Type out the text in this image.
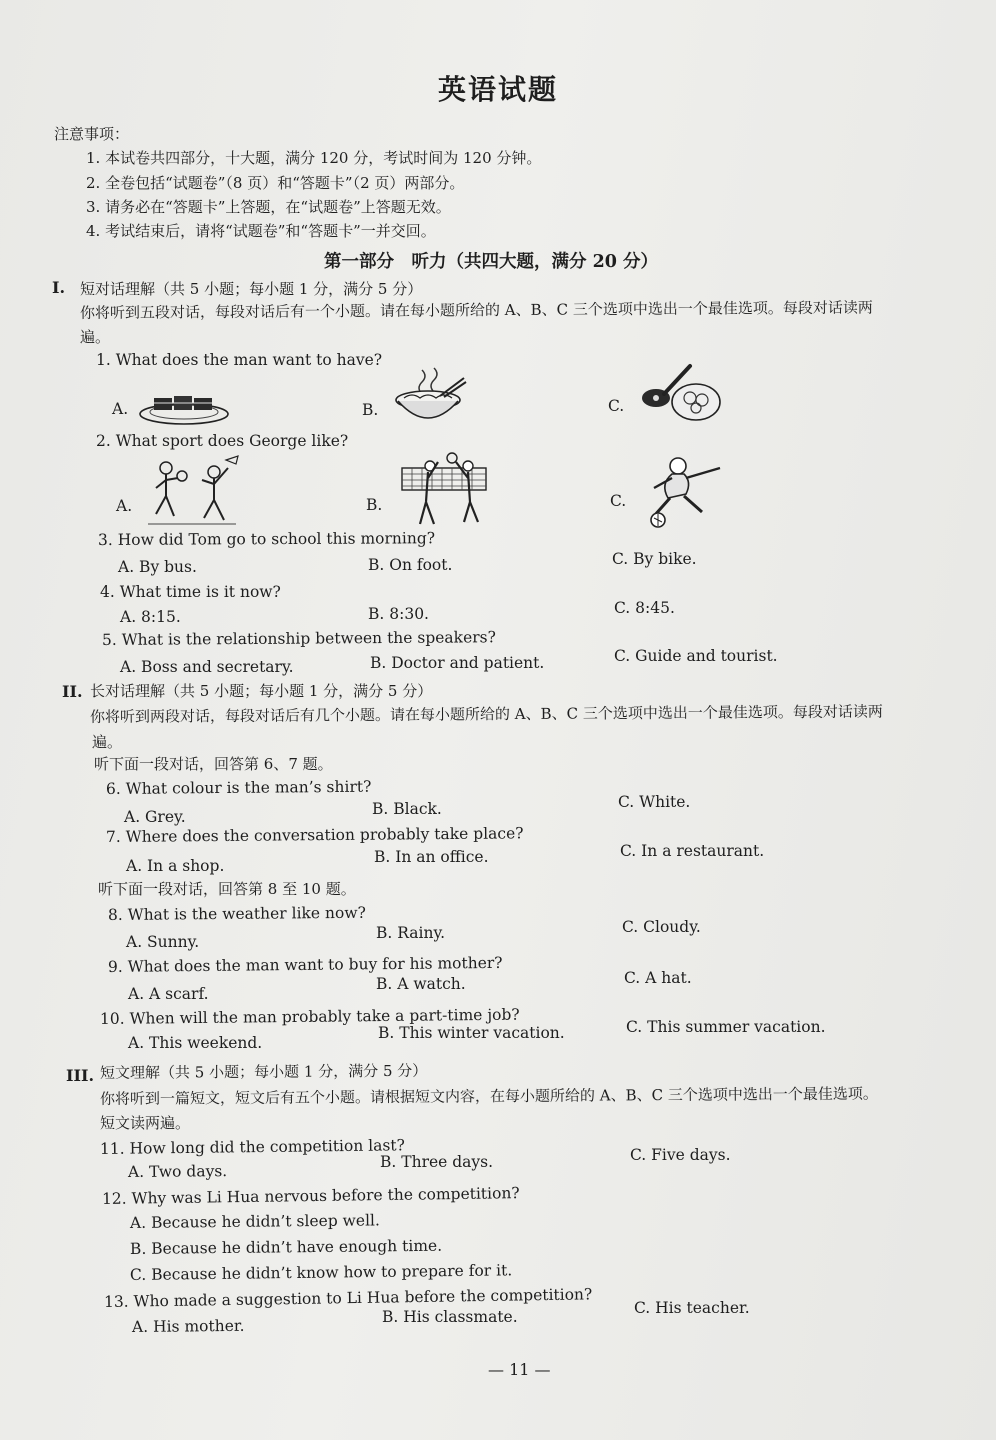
英语试题
注意事项：
1. 本试卷共四部分，十大题，满分 120 分，考试时间为 120 分钟。
2. 全卷包括“试题卷”（8 页）和“答题卡”（2 页）两部分。
3. 请务必在“答题卡”上答题，在“试题卷”上答题无效。
4. 考试结束后，请将“试题卷”和“答题卡”一并交回。
第一部分　听力（共四大题，满分 20 分）
I. 短对话理解（共 5 小题；每小题 1 分，满分 5 分）
你将听到五段对话，每段对话后有一个小题。请在每小题所给的 A、B、C 三个选项中选出一个最佳选项。每段对话读两
遍。
1. What does the man want to have?
A.	B.	C.
2. What sport does George like?
A.	B.	C.
3. How did Tom go to school this morning?
A. By bus.	B. On foot.	C. By bike.
4. What time is it now?
A. 8:15.	B. 8:30.	C. 8:45.
5. What is the relationship between the speakers?
A. Boss and secretary.	B. Doctor and patient.	C. Guide and tourist.
II. 长对话理解（共 5 小题；每小题 1 分，满分 5 分）
你将听到两段对话，每段对话后有几个小题。请在每小题所给的 A、B、C 三个选项中选出一个最佳选项。每段对话读两
遍。
听下面一段对话，回答第 6、7 题。
6. What colour is the man’s shirt?
A. Grey.	B. Black.	C. White.
7. Where does the conversation probably take place?
A. In a shop.	B. In an office.	C. In a restaurant.
听下面一段对话，回答第 8 至 10 题。
8. What is the weather like now?
A. Sunny.	B. Rainy.	C. Cloudy.
9. What does the man want to buy for his mother?
A. A scarf.
B. A watch.	C. A hat.
10. When will the man probably take a part-time job?
A. This weekend.
B. This winter vacation.	C. This summer vacation.
III. 短文理解（共 5 小题；每小题 1 分，满分 5 分）
你将听到一篇短文，短文后有五个小题。请根据短文内容，在每小题所给的 A、B、C 三个选项中选出一个最佳选项。
短文读两遍。
11. How long did the competition last?
A. Two days.
B. Three days.	C. Five days.
12. Why was Li Hua nervous before the competition?
A. Because he didn’t sleep well.
B. Because he didn’t have enough time.
C. Because he didn’t know how to prepare for it.
13. Who made a suggestion to Li Hua before the competition?
A. His mother.	B. His classmate.	C. His teacher.
— 11 —
